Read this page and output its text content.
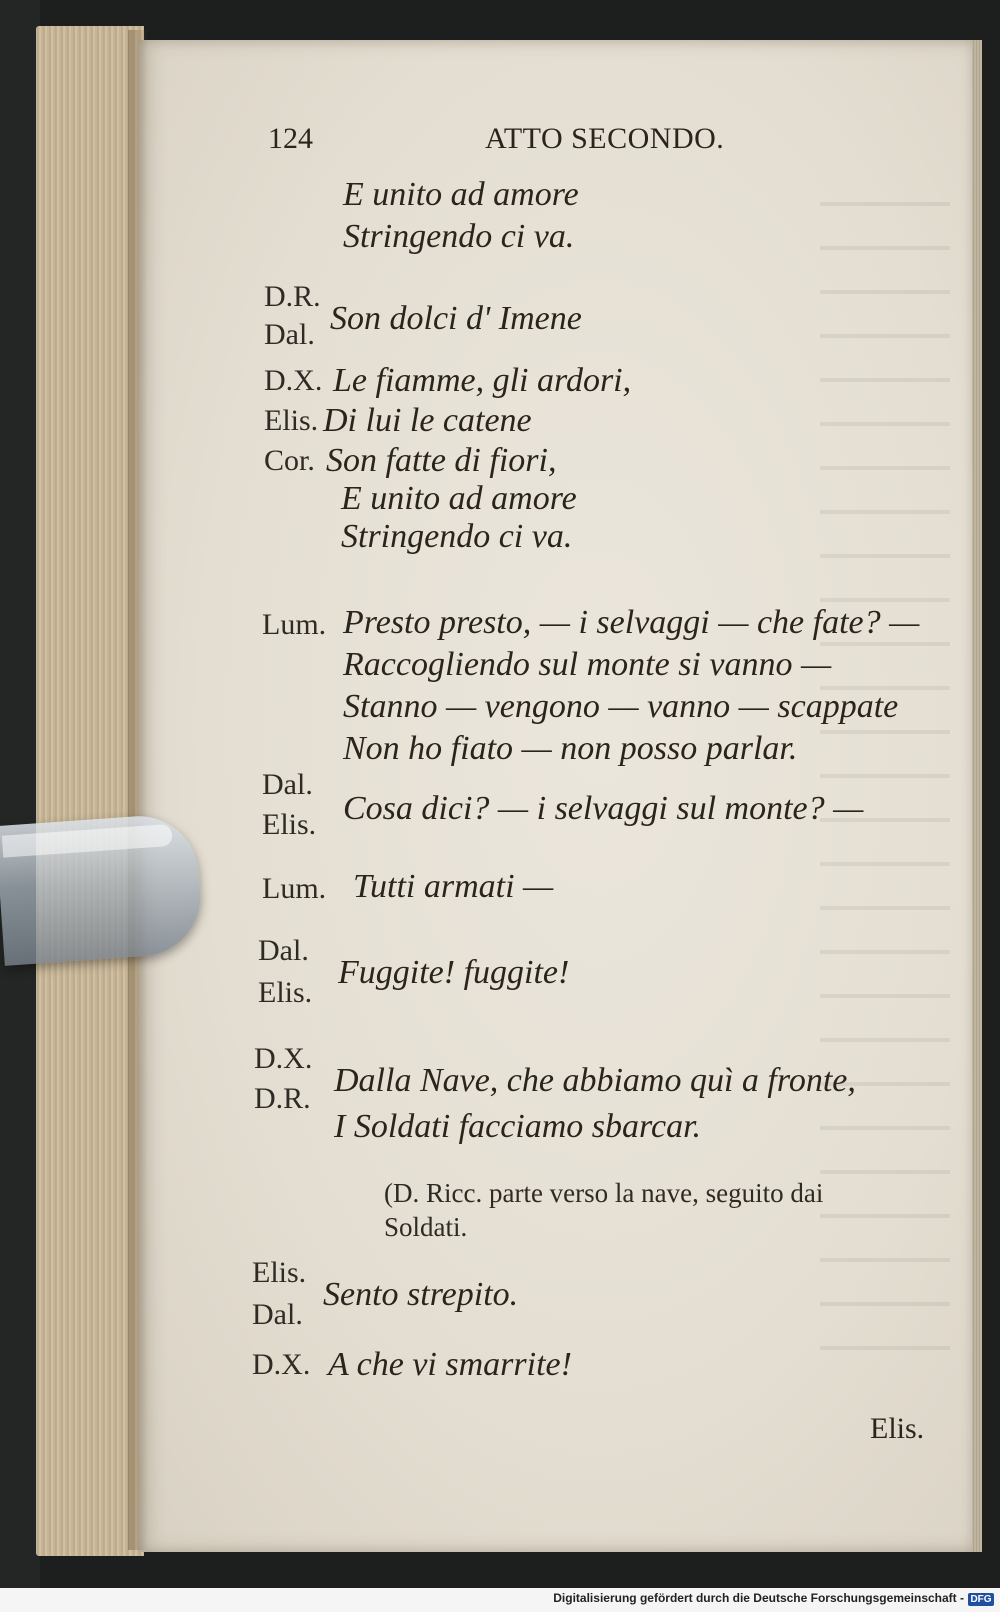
124	ATTO SECONDO.
E unito ad amore
Stringendo ci va.
D.R.
Dal. Son dolci d' Imene
D.X. Le fiamme, gli ardori,
Elis. Di lui le catene
Cor. Son fatte di fiori,
E unito ad amore
Stringendo ci va.
Lum. Presto presto, — i selvaggi — che fate? —
Raccogliendo sul monte si vanno —
Stanno — vengono — vanno — scappate
Non ho fiato — non posso parlar.
Dal.
Elis. Cosa dici? — i selvaggi sul monte? —
Lum. Tutti armati —
Dal.
Elis.
Fuggite! fuggite!
D.X.
D.R. Dalla Nave, che abbiamo quì a fronte,
I Soldati facciamo sbarcar.
(D. Ricc. parte verso la nave, seguito dai
Soldati.
Elis.
Dal.
Sento strepito.
D.X. A che vi smarrite!
Elis.
Digitalisierung gefördert durch die Deutsche Forschungsgemeinschaft - DFG
